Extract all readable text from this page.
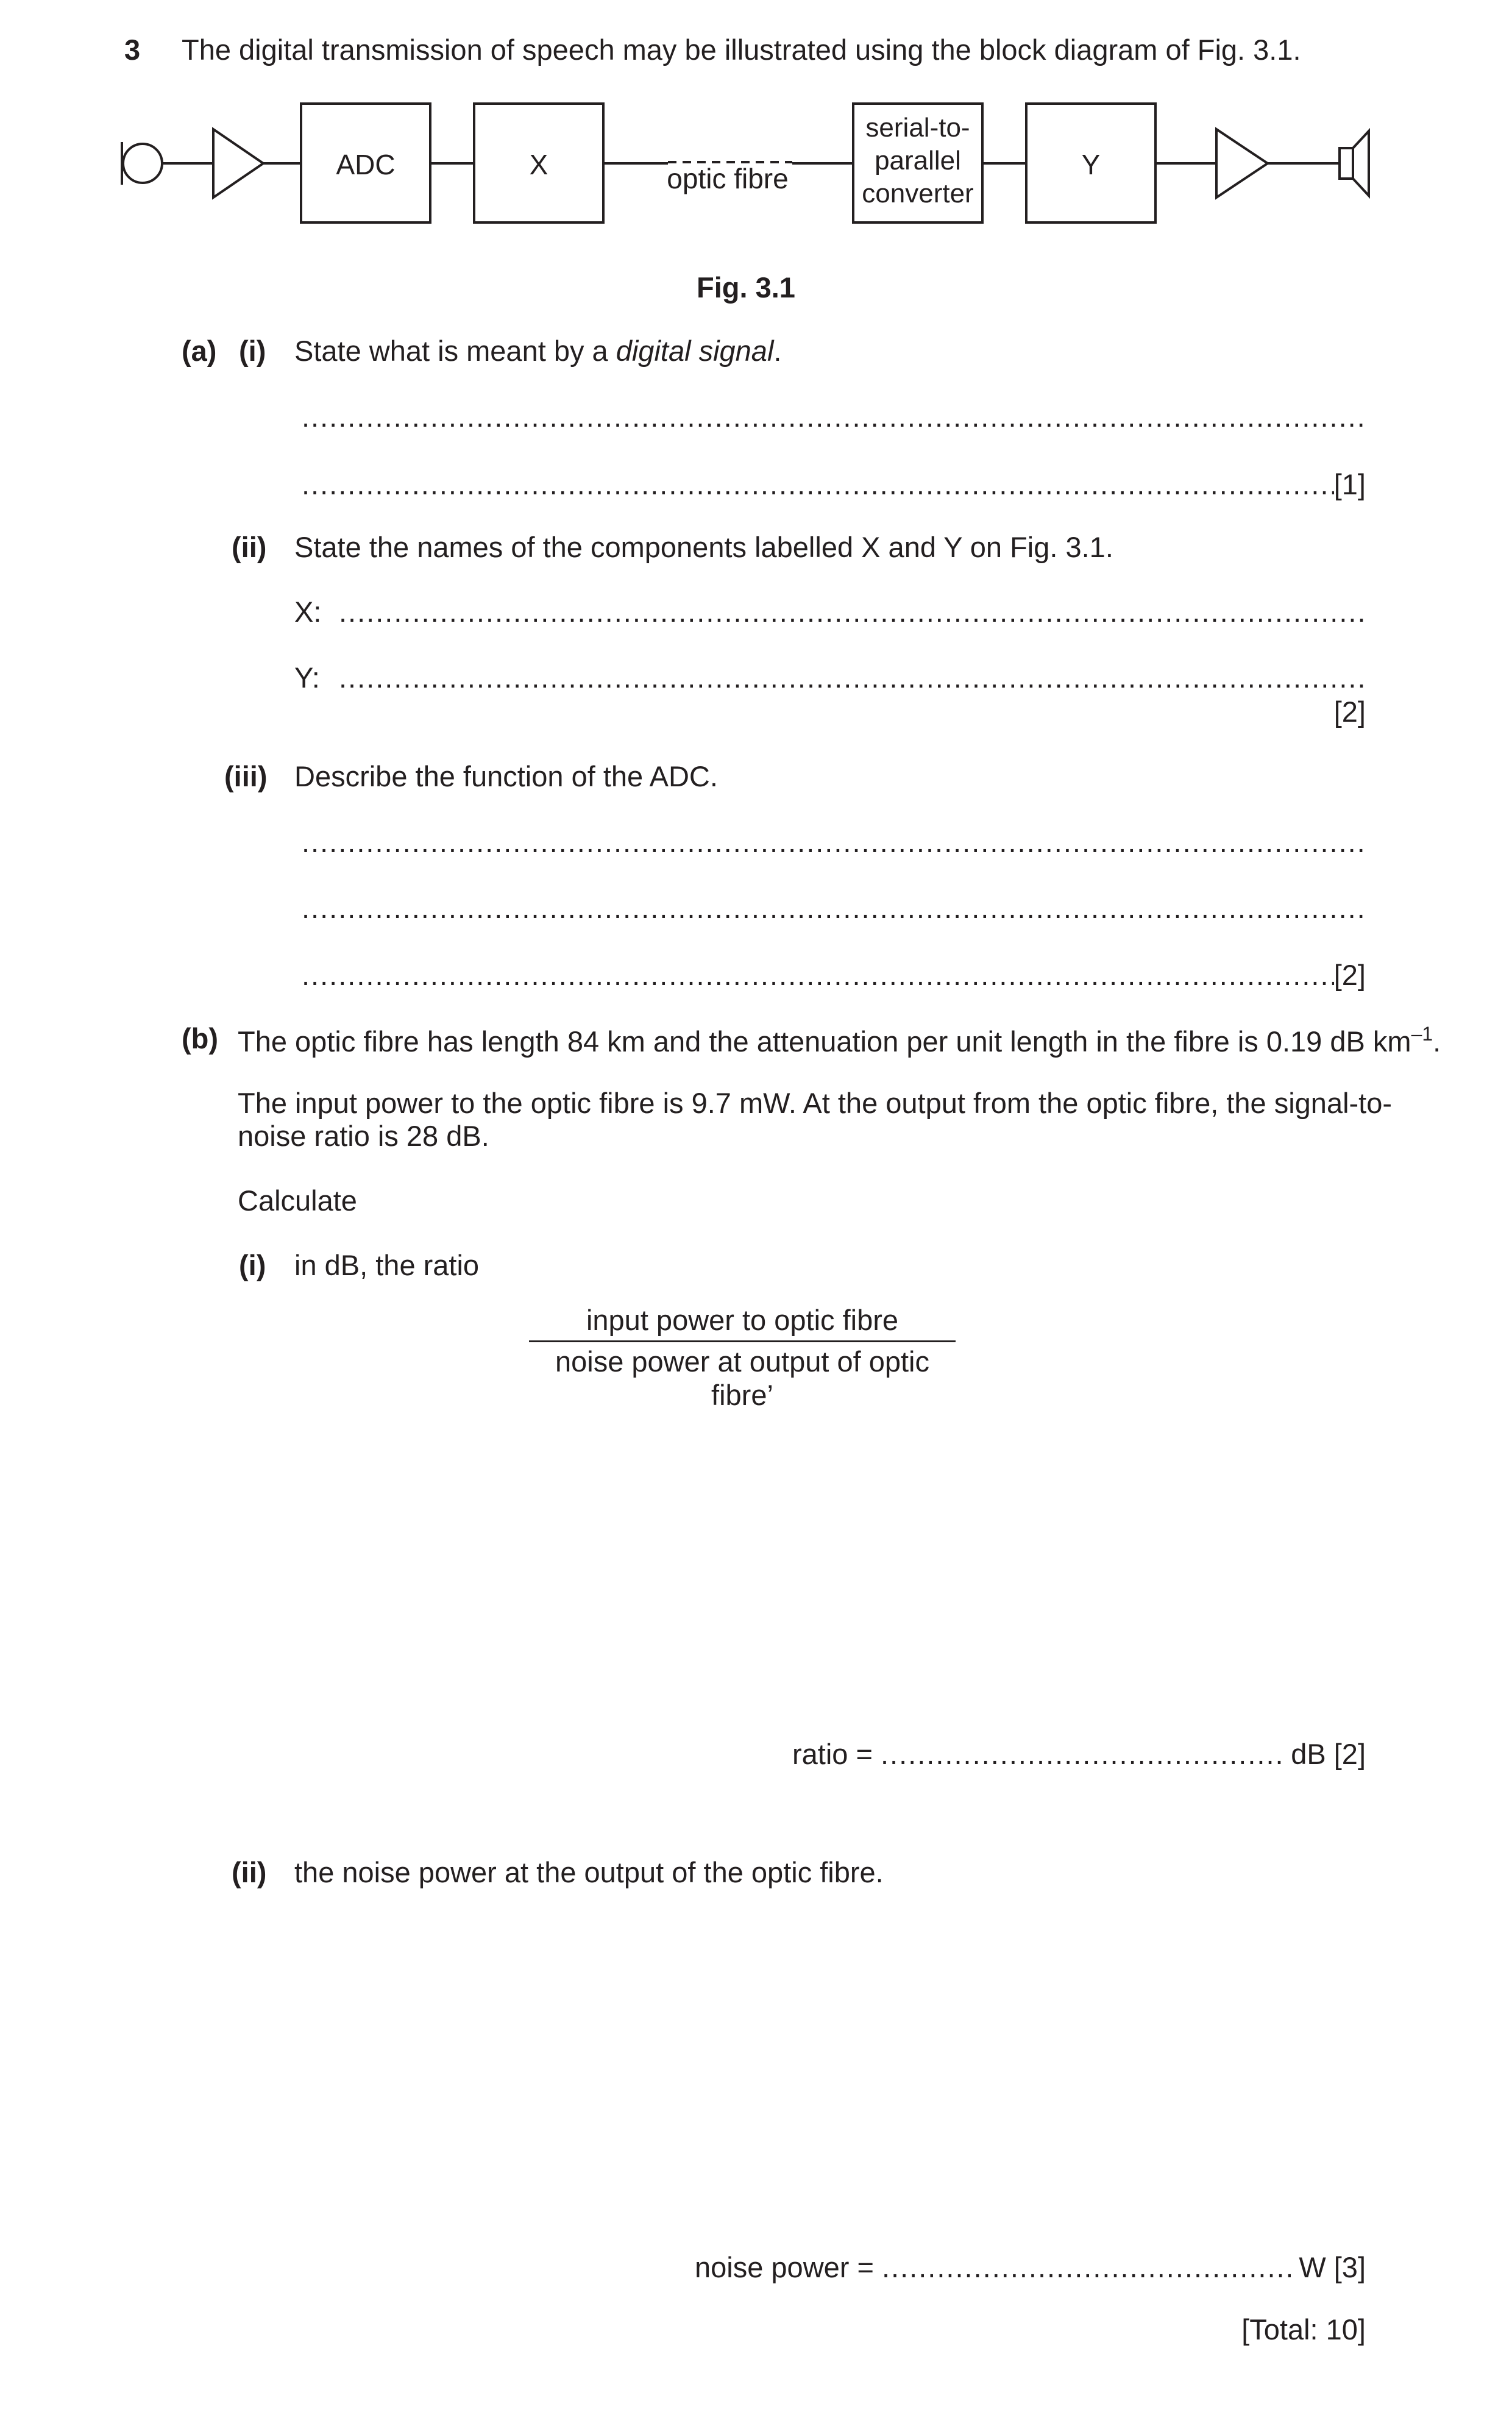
3 The digital transmission of speech may be illustrated using the block diagram of Fig. 3.1.
ADC	X	optic fibre
serial-to-
parallel
converter
Y
Fig. 3.1
(a) (i) State what is meant by a digital signal.
.....
.....
[1]
(ii) State the names of the components labelled X and Y on Fig. 3.1.
X:
.....
Y:
.....
[2]
(iii) Describe the function of the ADC.
.....
.....
.....
[2]
(b) The optic fibre has length 84 km and the attenuation per unit length in the fibre is 0.19 dB $km^{-1}$.
The input power to the optic fibre is 9.7 mW. At the output from the optic fibre, the signal-to-
noise ratio is 28 dB.
Calculate
(i) in dB, the ratio
input power to optic fibre
noise power at output of optic fibre’
ratio = .....	dB [2]
(ii) the noise power at the output of the optic fibre.
noise power = .....	W [3]
[Total: 10]
